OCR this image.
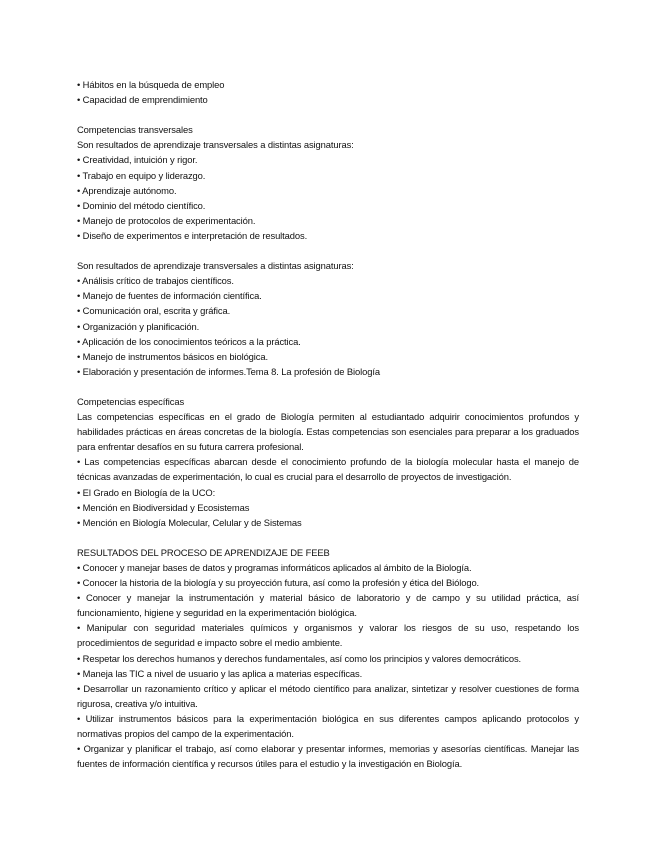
• Hábitos en la búsqueda de empleo
• Capacidad de emprendimiento
Competencias transversales
Son resultados de aprendizaje transversales a distintas asignaturas:
• Creatividad, intuición y rigor.
• Trabajo en equipo y liderazgo.
• Aprendizaje autónomo.
• Dominio del método científico.
• Manejo de protocolos de experimentación.
• Diseño de experimentos e interpretación de resultados.
Son resultados de aprendizaje transversales a distintas asignaturas:
• Análisis crítico de trabajos científicos.
• Manejo de fuentes de información científica.
• Comunicación oral, escrita y gráfica.
• Organización y planificación.
• Aplicación de los conocimientos teóricos a la práctica.
• Manejo de instrumentos básicos en biológica.
• Elaboración y presentación de informes.Tema 8. La profesión de Biología
Competencias específicas
Las competencias específicas en el grado de Biología permiten al estudiantado adquirir conocimientos profundos y habilidades prácticas en áreas concretas de la biología. Estas competencias son esenciales para preparar a los graduados para enfrentar desafíos en su futura carrera profesional.
• Las competencias específicas abarcan desde el conocimiento profundo de la biología molecular hasta el manejo de técnicas avanzadas de experimentación, lo cual es crucial para el desarrollo de proyectos de investigación.
• El Grado en Biología de la UCO:
• Mención en Biodiversidad y Ecosistemas
• Mención en Biología Molecular, Celular y de Sistemas
RESULTADOS DEL PROCESO DE APRENDIZAJE DE FEEB
• Conocer y manejar bases de datos y programas informáticos aplicados al ámbito de la Biología.
• Conocer la historia de la biología y su proyección futura, así como la profesión y ética del Biólogo.
• Conocer y manejar la instrumentación y material básico de laboratorio y de campo y su utilidad práctica, así funcionamiento, higiene y seguridad en la experimentación biológica.
• Manipular con seguridad materiales químicos y organismos y valorar los riesgos de su uso, respetando los procedimientos de seguridad e impacto sobre el medio ambiente.
• Respetar los derechos humanos y derechos fundamentales, así como los principios y valores democráticos.
• Maneja las TIC a nivel de usuario y las aplica a materias específicas.
• Desarrollar un razonamiento crítico y aplicar el método científico para analizar, sintetizar y resolver cuestiones de forma rigurosa, creativa y/o intuitiva.
• Utilizar instrumentos básicos para la experimentación biológica en sus diferentes campos aplicando protocolos y normativas propios del campo de la experimentación.
• Organizar y planificar el trabajo, así como elaborar y presentar informes, memorias y asesorías científicas. Manejar las fuentes de información científica y recursos útiles para el estudio y la investigación en Biología.
